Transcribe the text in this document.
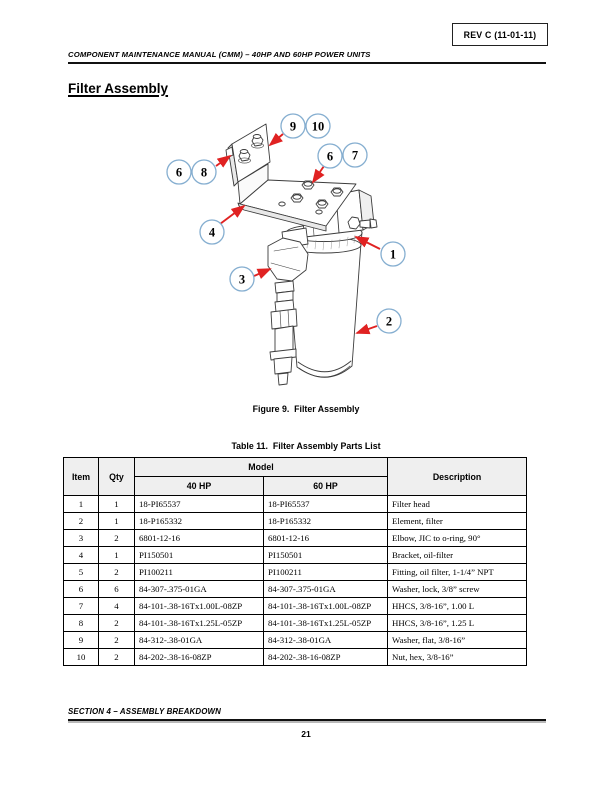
REV C (11-01-11)
COMPONENT MAINTENANCE MANUAL (CMM) – 40HP AND 60HP POWER UNITS
Filter Assembly
1
2
3
4
6 8
6 7
9 10
Figure 9.  Filter Assembly
Table 11.  Filter Assembly Parts List
Item	Qty	Model		Description
		40 HP	60 HP	
1	1	18-PI65537	18-PI65537	Filter head
2	1	18-P165332	18-P165332	Element, filter
3	2	6801-12-16	6801-12-16	Elbow, JIC to o-ring, 90°
4	1	PI150501	PI150501	Bracket, oil-filter
5	2	PI100211	PI100211	Fitting, oil filter, 1-1/4” NPT
6	6	84-307-.375-01GA	84-307-.375-01GA	Washer, lock, 3/8” screw
7	4	84-101-.38-16Tx1.00L-08ZP	84-101-.38-16Tx1.00L-08ZP	HHCS, 3/8-16”, 1.00 L
8	2	84-101-.38-16Tx1.25L-05ZP	84-101-.38-16Tx1.25L-05ZP	HHCS, 3/8-16”, 1.25 L
9	2	84-312-.38-01GA	84-312-.38-01GA	Washer, flat, 3/8-16”
10	2	84-202-.38-16-08ZP	84-202-.38-16-08ZP	Nut, hex, 3/8-16”
SECTION 4 – ASSEMBLY BREAKDOWN
21
